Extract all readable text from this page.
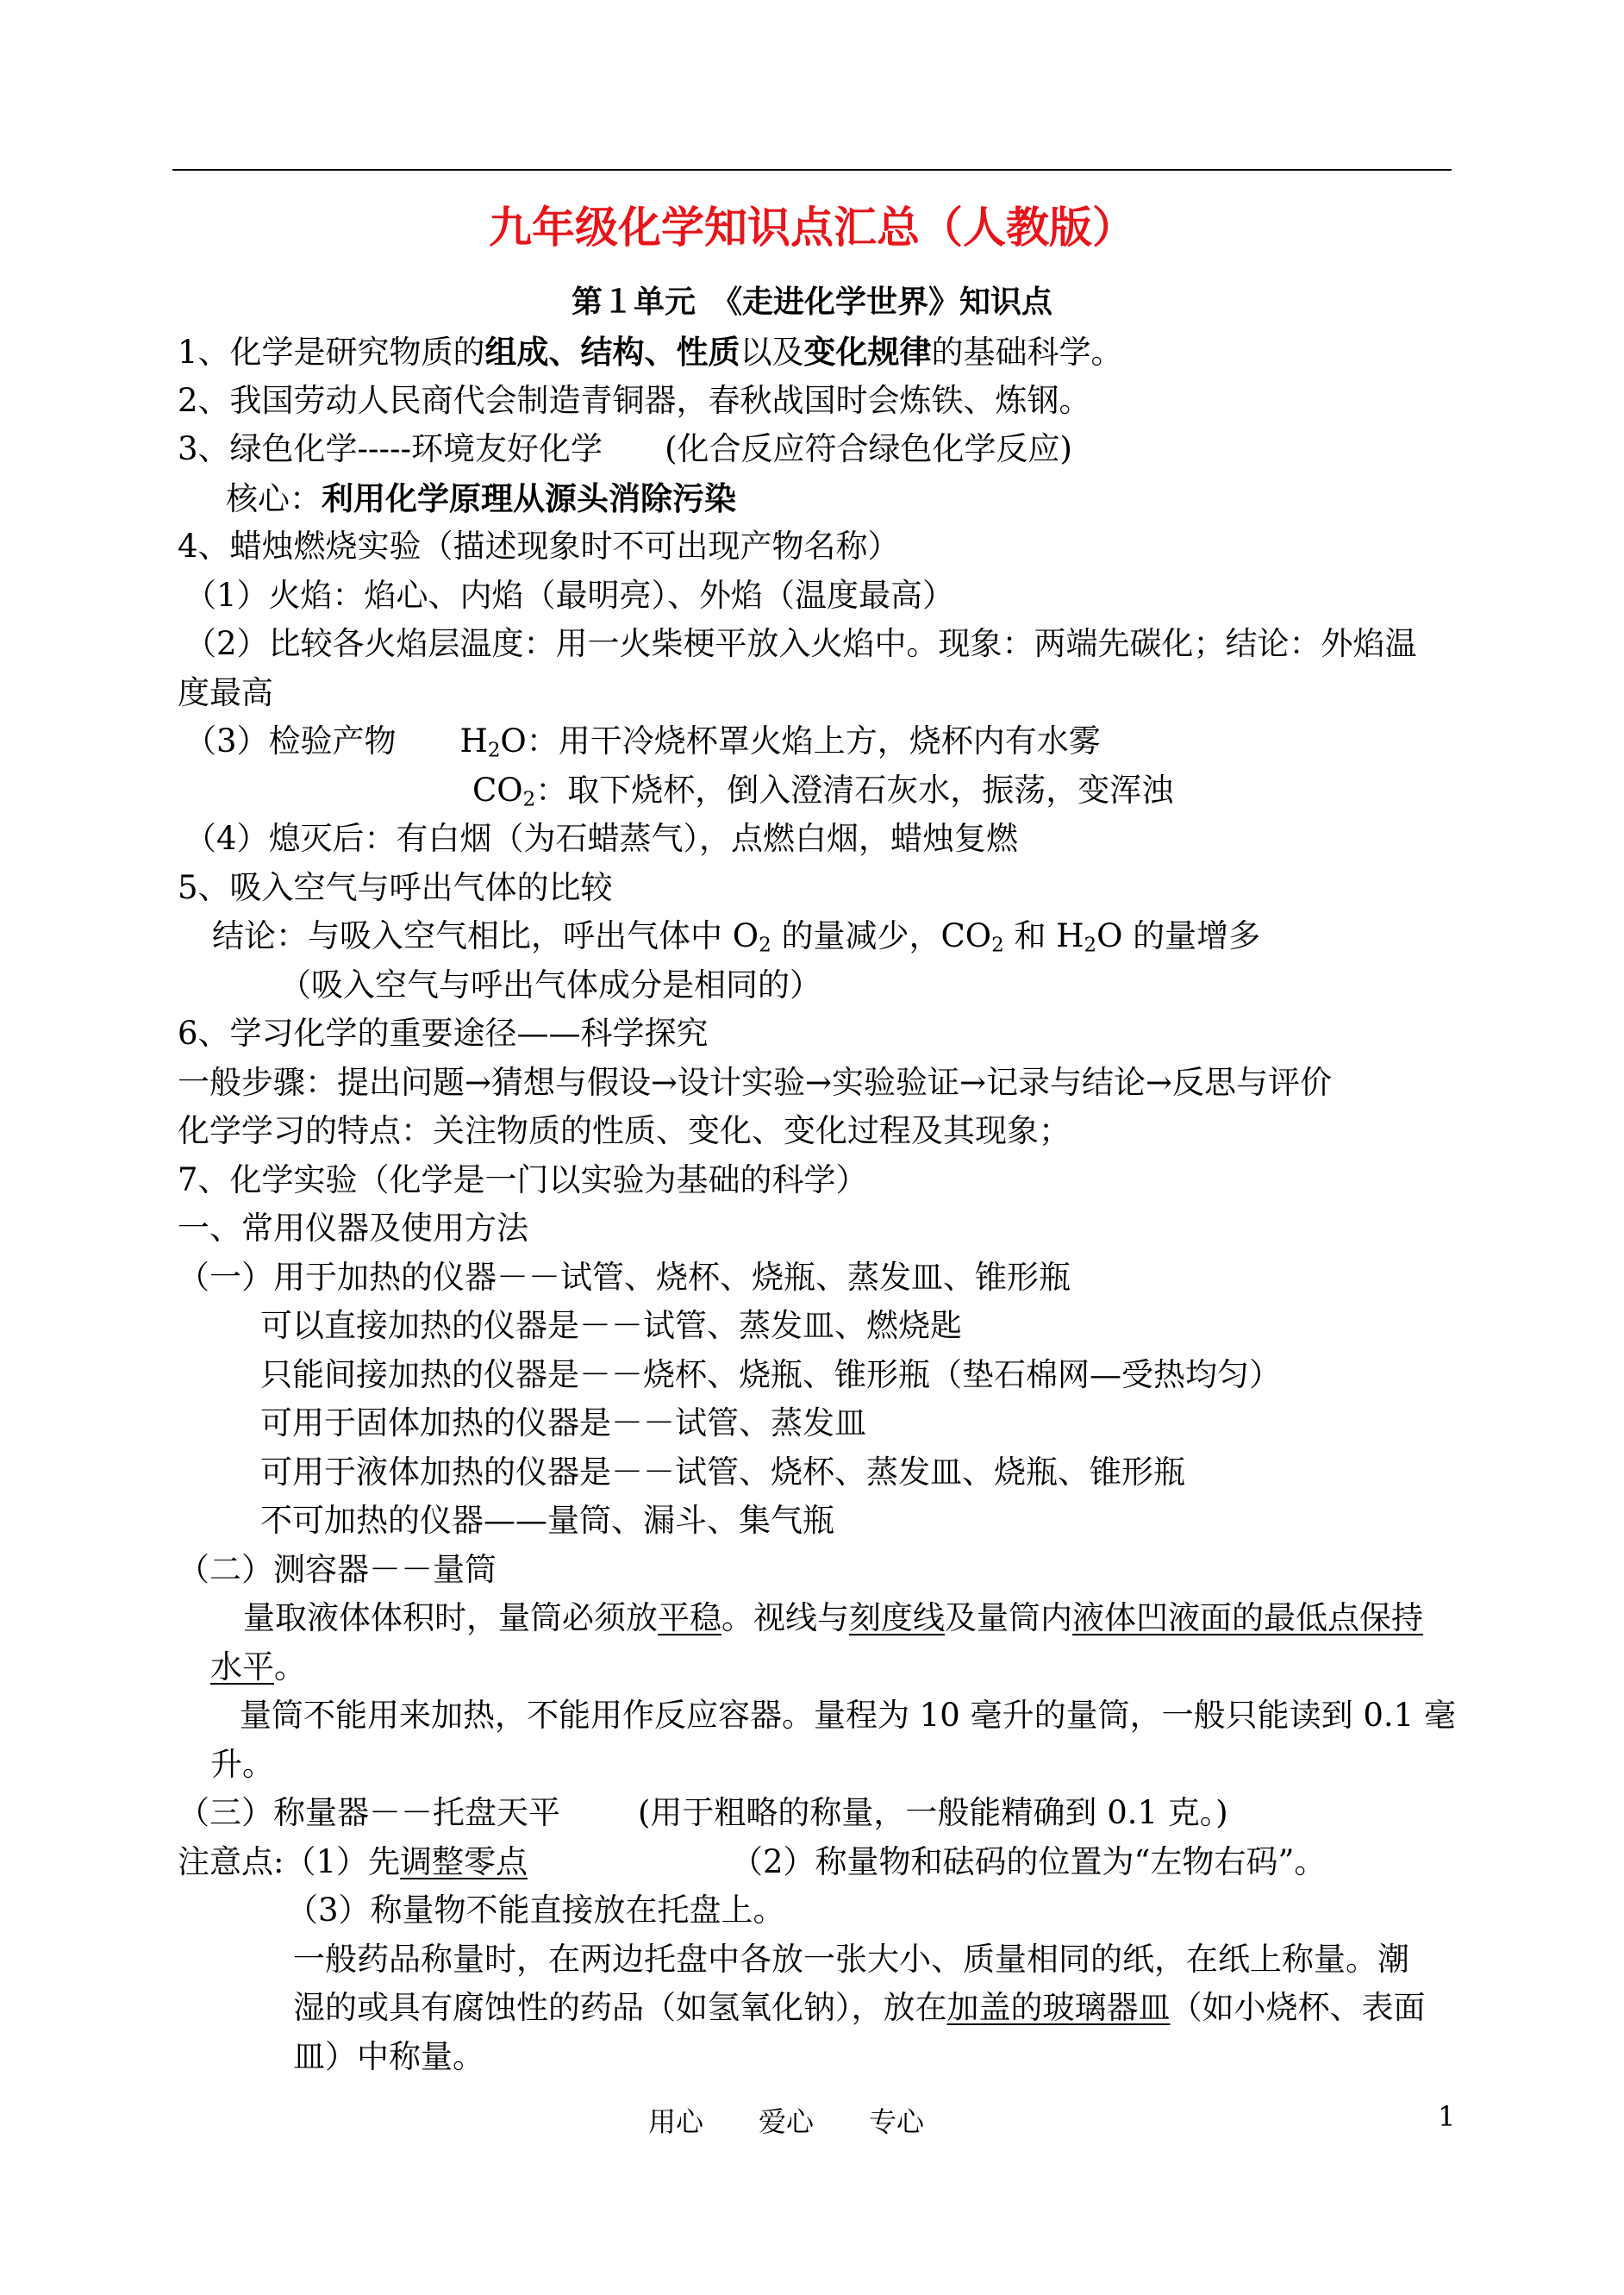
九年级化学知识点汇总（人教版）
第１单元　《走进化学世界》知识点
1、化学是研究物质的组成、结构、性质以及变化规律的基础科学。
2、我国劳动人民商代会制造青铜器，春秋战国时会炼铁、炼钢。
3、绿色化学-----环境友好化学 (化合反应符合绿色化学反应)
核心：利用化学原理从源头消除污染
4、蜡烛燃烧实验（描述现象时不可出现产物名称）
（1）火焰：焰心、内焰（最明亮）、外焰（温度最高）
（2）比较各火焰层温度：用一火柴梗平放入火焰中。现象：两端先碳化；结论：外焰温
度最高
（3）检验产物 $H_2O$：用干冷烧杯罩火焰上方，烧杯内有水雾
$CO_2$：取下烧杯，倒入澄清石灰水，振荡，变浑浊
（4）熄灭后：有白烟（为石蜡蒸气），点燃白烟，蜡烛复燃
5、吸入空气与呼出气体的比较
结论：与吸入空气相比，呼出气体中 $O_2$ 的量减少，$CO_2$ 和 $H_2O$ 的量增多
（吸入空气与呼出气体成分是相同的）
6、学习化学的重要途径——科学探究
一般步骤：提出问题→猜想与假设→设计实验→实验验证→记录与结论→反思与评价
化学学习的特点：关注物质的性质、变化、变化过程及其现象；
7、化学实验（化学是一门以实验为基础的科学）
一、常用仪器及使用方法
（一）用于加热的仪器－－试管、烧杯、烧瓶、蒸发皿、锥形瓶
可以直接加热的仪器是－－试管、蒸发皿、燃烧匙
只能间接加热的仪器是－－烧杯、烧瓶、锥形瓶（垫石棉网—受热均匀）
可用于固体加热的仪器是－－试管、蒸发皿
可用于液体加热的仪器是－－试管、烧杯、蒸发皿、烧瓶、锥形瓶
不可加热的仪器——量筒、漏斗、集气瓶
（二）测容器－－量筒
量取液体体积时，量筒必须放平稳。视线与刻度线及量筒内液体凹液面的最低点保持
水平。
量筒不能用来加热，不能用作反应容器。量程为 10 毫升的量筒，一般只能读到 0.1 毫
升。
（三）称量器－－托盘天平 (用于粗略的称量，一般能精确到 0.1 克。)
注意点:（1）先调整零点	（2）称量物和砝码的位置为“左物右码”。
（3）称量物不能直接放在托盘上。
一般药品称量时，在两边托盘中各放一张大小、质量相同的纸，在纸上称量。潮
湿的或具有腐蚀性的药品（如氢氧化钠），放在加盖的玻璃器皿（如小烧杯、表面
皿）中称量。
用心　　爱心　　专心	1
